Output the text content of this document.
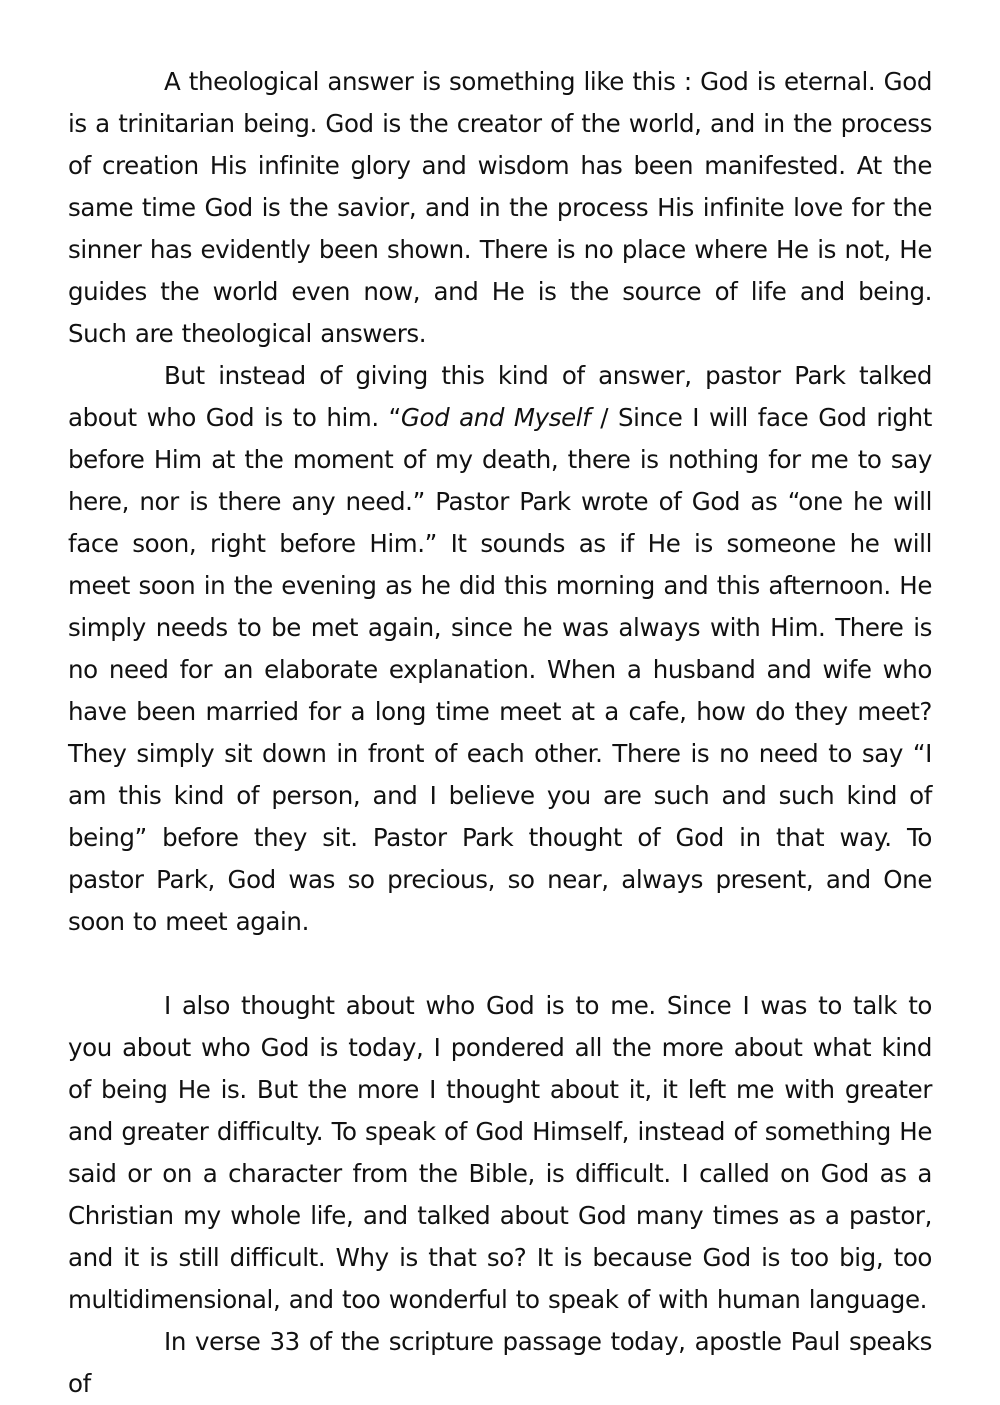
A theological answer is something like this : God is eternal. God is a trinitarian being. God is the creator of the world, and in the process of creation His infinite glory and wisdom has been manifested. At the same time God is the savior, and in the process His infinite love for the sinner has evidently been shown. There is no place where He is not, He guides the world even now, and He is the source of life and being. Such are theological answers.

But instead of giving this kind of answer, pastor Park talked about who God is to him. “God and Myself / Since I will face God right before Him at the moment of my death, there is nothing for me to say here, nor is there any need.” Pastor Park wrote of God as “one he will face soon, right before Him.” It sounds as if He is someone he will meet soon in the evening as he did this morning and this afternoon. He simply needs to be met again, since he was always with Him. There is no need for an elaborate explanation. When a husband and wife who have been married for a long time meet at a cafe, how do they meet? They simply sit down in front of each other. There is no need to say “I am this kind of person, and I believe you are such and such kind of being” before they sit. Pastor Park thought of God in that way. To pastor Park, God was so precious, so near, always present, and One soon to meet again.

I also thought about who God is to me. Since I was to talk to you about who God is today, I pondered all the more about what kind of being He is. But the more I thought about it, it left me with greater and greater difficulty. To speak of God Himself, instead of something He said or on a character from the Bible, is difficult. I called on God as a Christian my whole life, and talked about God many times as a pastor, and it is still difficult. Why is that so? It is because God is too big, too multidimensional, and too wonderful to speak of with human language.

In verse 33 of the scripture passage today, apostle Paul speaks of
